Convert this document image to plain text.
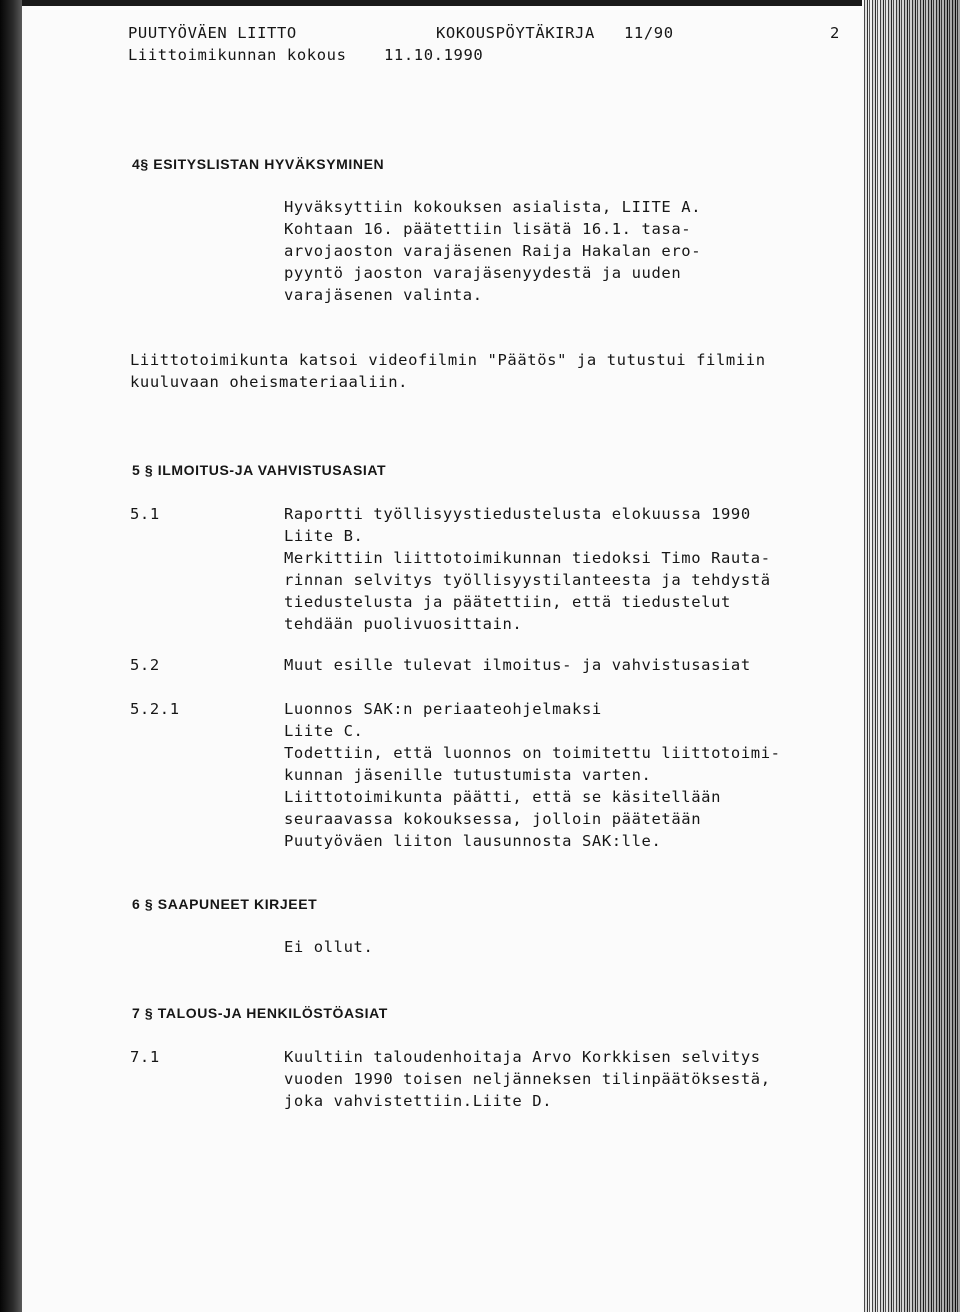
PUUTYÖVÄEN LIITTO	KOKOUSPÖYTÄKIRJA 11/90	2
Liittoimikunnan kokous 11.10.1990
4§ ESITYSLISTAN HYVÄKSYMINEN
Hyväksyttiin kokouksen asialista, LIITE A.
Kohtaan 16. päätettiin lisätä 16.1. tasa-
arvojaoston varajäsenen Raija Hakalan ero-
pyyntö jaoston varajäsenyydestä ja uuden
varajäsenen valinta.
Liittotoimikunta katsoi videofilmin "Päätös" ja tutustui filmiin
kuuluvaan oheismateriaaliin.
5 § ILMOITUS-JA VAHVISTUSASIAT
5.1	Raportti työllisyystiedustelusta elokuussa 1990
Liite B.
Merkittiin liittotoimikunnan tiedoksi Timo Rauta-
rinnan selvitys työllisyystilanteesta ja tehdystä
tiedustelusta ja päätettiin, että tiedustelut
tehdään puolivuosittain.
5.2	Muut esille tulevat ilmoitus- ja vahvistusasiat
5.2.1	Luonnos SAK:n periaateohjelmaksi
Liite C.
Todettiin, että luonnos on toimitettu liittotoimi-
kunnan jäsenille tutustumista varten.
Liittotoimikunta päätti, että se käsitellään
seuraavassa kokouksessa, jolloin päätetään
Puutyöväen liiton lausunnosta SAK:lle.
6 § SAAPUNEET KIRJEET
Ei ollut.
7 § TALOUS-JA HENKILÖSTÖASIAT
7.1	Kuultiin taloudenhoitaja Arvo Korkkisen selvitys
vuoden 1990 toisen neljänneksen tilinpäätöksestä,
joka vahvistettiin.Liite D.
